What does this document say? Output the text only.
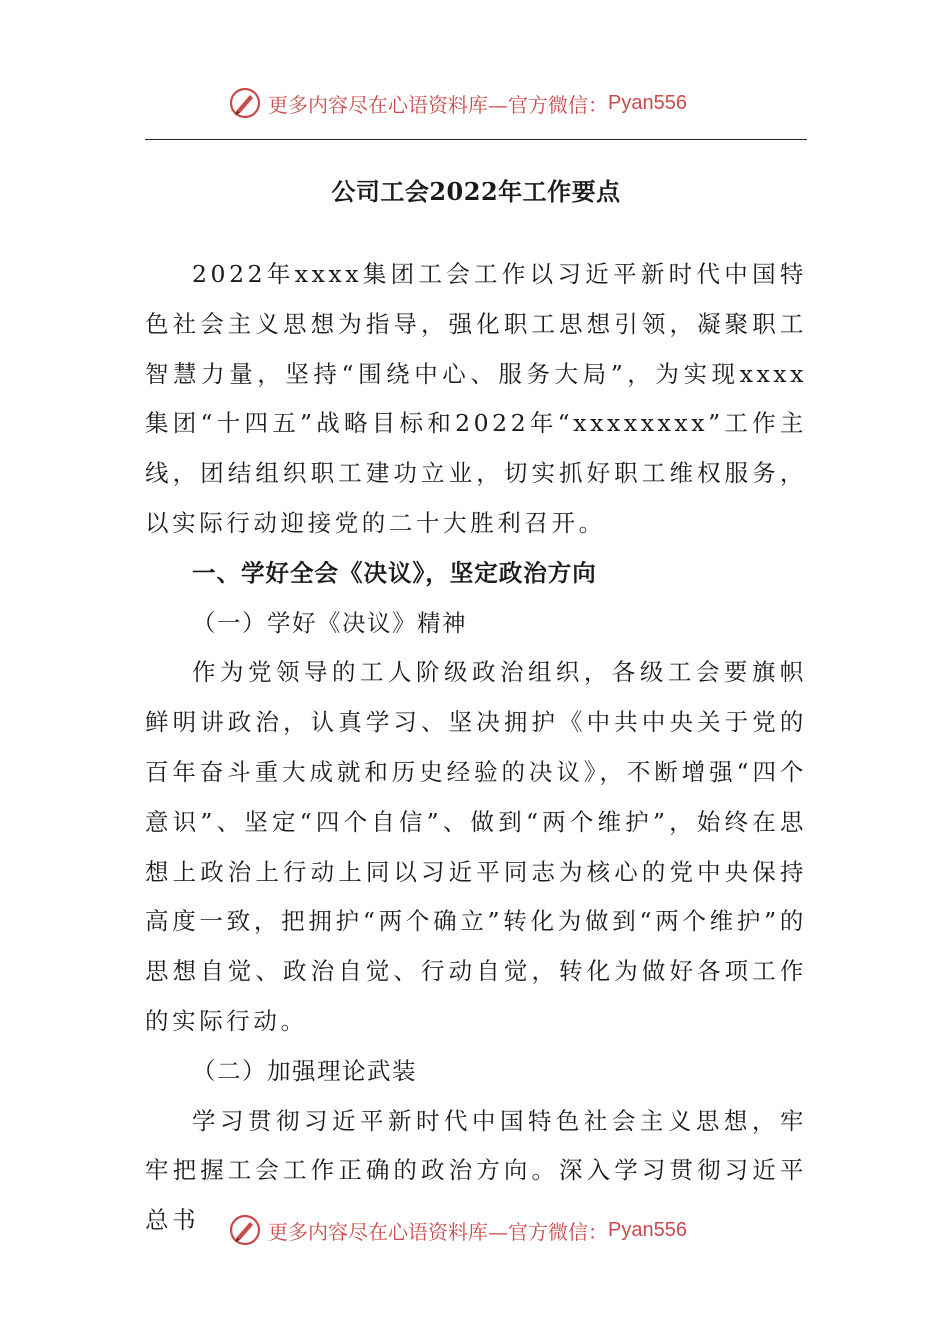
更多内容尽在心语资料库—官方微信： Pyan556
公司工会2022年工作要点

2022年xxxx集团工会工作以习近平新时代中国特色社会主义思想为指导，强化职工思想引领，凝聚职工智慧力量，坚持“围绕中心、服务大局”，为实现xxxx集团“十四五”战略目标和2022年“xxxxxxxx”工作主线，团结组织职工建功立业，切实抓好职工维权服务，以实际行动迎接党的二十大胜利召开。

一、学好全会《决议》，坚定政治方向

（一）学好《决议》精神

作为党领导的工人阶级政治组织，各级工会要旗帜鲜明讲政治，认真学习、坚决拥护《中共中央关于党的百年奋斗重大成就和历史经验的决议》，不断增强“四个意识”、坚定“四个自信”、做到“两个维护”，始终在思想上政治上行动上同以习近平同志为核心的党中央保持高度一致，把拥护“两个确立”转化为做到“两个维护”的思想自觉、政治自觉、行动自觉，转化为做好各项工作的实际行动。

（二）加强理论武装

学习贯彻习近平新时代中国特色社会主义思想，牢牢把握工会工作正确的政治方向。深入学习贯彻习近平总书	更多内容尽在心语资料库—官方微信： Pyan556
